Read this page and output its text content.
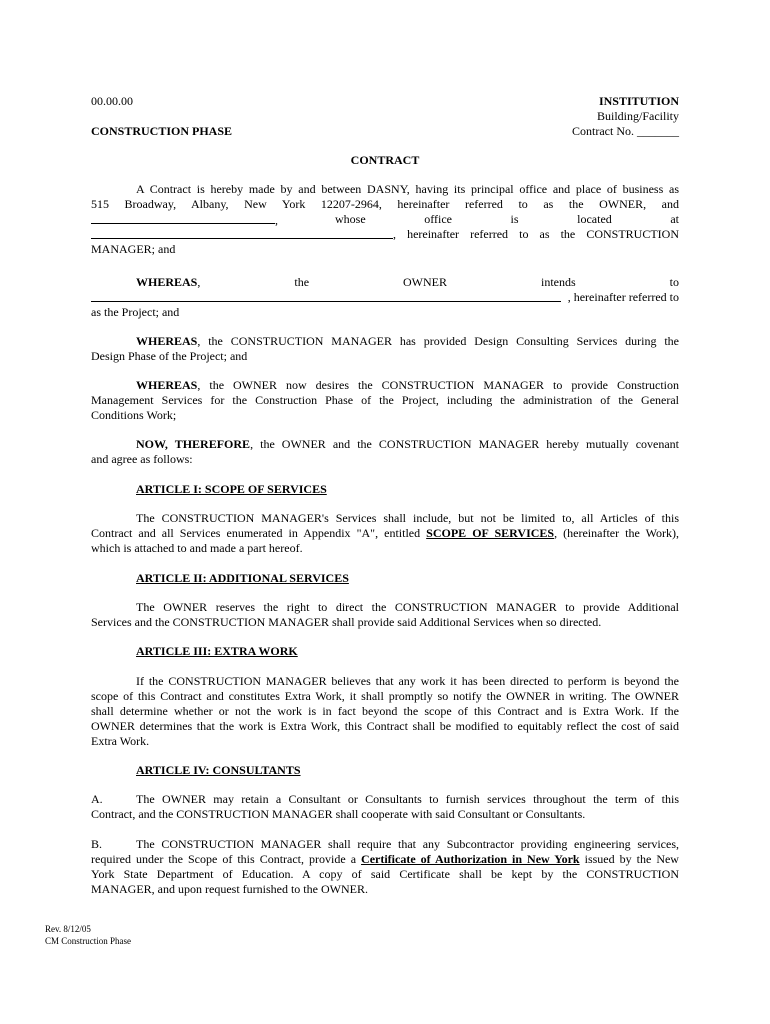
00.00.00	INSTITUTION
Building/Facility
CONSTRUCTION PHASE	Contract No. _______
CONTRACT
A Contract is hereby made by and between DASNY, having its principal office and place of business as
515 Broadway, Albany, New York 12207-2964, hereinafter referred to as the OWNER, and
,	whose office is located at
, hereinafter referred to as the CONSTRUCTION
MANAGER; and
WHEREAS, the OWNER intends to
, hereinafter referred to
as the Project; and
WHEREAS, the CONSTRUCTION MANAGER has provided Design Consulting Services during the
Design Phase of the Project; and
WHEREAS, the OWNER now desires the CONSTRUCTION MANAGER to provide Construction
Management Services for the Construction Phase of the Project, including the administration of the General
Conditions Work;
NOW, THEREFORE, the OWNER and the CONSTRUCTION MANAGER hereby mutually covenant
and agree as follows:
ARTICLE I: SCOPE OF SERVICES
The CONSTRUCTION MANAGER's Services shall include, but not be limited to, all Articles of this
Contract and all Services enumerated in Appendix "A", entitled SCOPE OF SERVICES, (hereinafter the Work),
which is attached to and made a part hereof.
ARTICLE II: ADDITIONAL SERVICES
The OWNER reserves the right to direct the CONSTRUCTION MANAGER to provide Additional
Services and the CONSTRUCTION MANAGER shall provide said Additional Services when so directed.
ARTICLE III: EXTRA WORK
If the CONSTRUCTION MANAGER believes that any work it has been directed to perform is beyond the
scope of this Contract and constitutes Extra Work, it shall promptly so notify the OWNER in writing. The OWNER
shall determine whether or not the work is in fact beyond the scope of this Contract and is Extra Work. If the
OWNER determines that the work is Extra Work, this Contract shall be modified to equitably reflect the cost of said
Extra Work.
ARTICLE IV: CONSULTANTS
A.	The OWNER may retain a Consultant or Consultants to furnish services throughout the term of this
Contract, and the CONSTRUCTION MANAGER shall cooperate with said Consultant or Consultants.
B.	The CONSTRUCTION MANAGER shall require that any Subcontractor providing engineering services,
required under the Scope of this Contract, provide a Certificate of Authorization in New York issued by the New
York State Department of Education. A copy of said Certificate shall be kept by the CONSTRUCTION
MANAGER, and upon request furnished to the OWNER.
Rev. 8/12/05
CM Construction Phase
